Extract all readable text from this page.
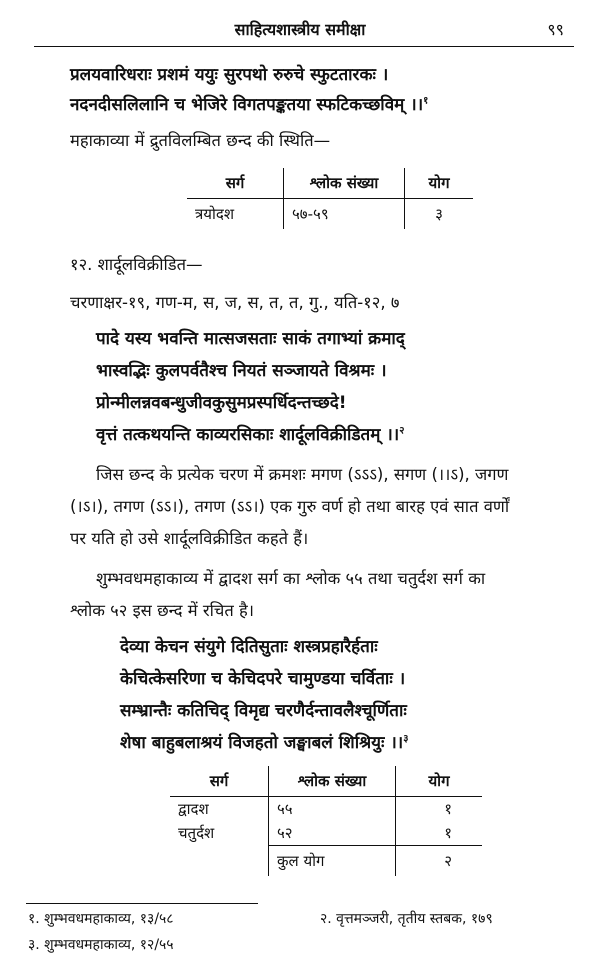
साहित्यशास्त्रीय समीक्षा	९९
प्रलयवारिधराः प्रशमं ययुः सुरपथो रुरुचे स्फुटतारकः ।
नदनदीसलिलानि च भेजिरे विगतपङ्कतया स्फटिकच्छविम् ।।$^१$
महाकाव्या में द्रुतविलम्बित छन्द की स्थिति—
सर्ग	श्लोक संख्या	योग
त्रयोदश	५७-५९	३
१२. शार्दूलविक्रीडित—
चरणाक्षर-१९, गण-म, स, ज, स, त, त, गु., यति-१२, ७
पादे यस्य भवन्ति मात्सजसताः साकं तगाभ्यां क्रमाद्
भास्वद्भिः कुलपर्वतैश्च नियतं सञ्जायते विश्रमः ।
प्रोन्मीलन्नवबन्धुजीवकुसुमप्रस्पर्धिदन्तच्छदे!
वृत्तं तत्कथयन्ति काव्यरसिकाः शार्दूलविक्रीडितम् ।।$^२$
जिस छन्द के प्रत्येक चरण में क्रमशः मगण (ऽऽऽ), सगण (।।ऽ), जगण
(।ऽ।), तगण (ऽऽ।), तगण (ऽऽ।) एक गुरु वर्ण हो तथा बारह एवं सात वर्णों
पर यति हो उसे शार्दूलविक्रीडित कहते हैं।
शुम्भवधमहाकाव्य में द्वादश सर्ग का श्लोक ५५ तथा चतुर्दश सर्ग का
श्लोक ५२ इस छन्द में रचित है।
देव्या केचन संयुगे दितिसुताः शस्त्रप्रहारैर्हताः
केचित्केसरिणा च केचिदपरे चामुण्डया चर्विताः ।
सम्भ्रान्तैः कतिचिद् विमृद्य चरणैर्दन्तावलैश्चूर्णिताः
शेषा बाहुबलाश्रयं विजहतो जङ्घाबलं शिश्रियुः ।।$^३$
सर्ग	श्लोक संख्या	योग
द्वादश	५५	१
चतुर्दश	५२	१
	कुल योग	२
१. शुम्भवधमहाकाव्य, १३/५८	२. वृत्तमञ्जरी, तृतीय स्तबक, १७९
३. शुम्भवधमहाकाव्य, १२/५५
